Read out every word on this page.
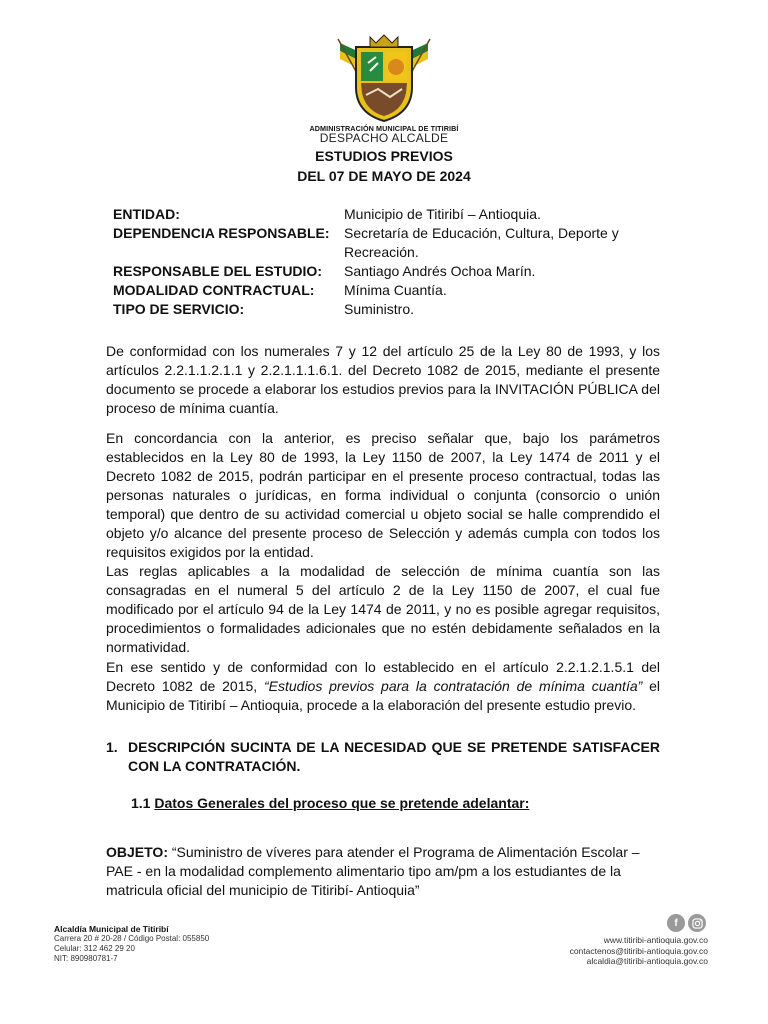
ADMINISTRACIÓN MUNICIPAL DE TITIRIBÍ
DESPACHO ALCALDE
ESTUDIOS PREVIOS
DEL 07 DE MAYO DE 2024
ENTIDAD:	Municipio de Titiribí – Antioquia.
DEPENDENCIA RESPONSABLE:	Secretaría de Educación, Cultura, Deporte y Recreación.
RESPONSABLE DEL ESTUDIO:	Santiago Andrés Ochoa Marín.
MODALIDAD CONTRACTUAL:	Mínima Cuantía.
TIPO DE SERVICIO:	Suministro.

De conformidad con los numerales 7 y 12 del artículo 25 de la Ley 80 de 1993, y los artículos 2.2.1.1.2.1.1 y 2.2.1.1.1.6.1. del Decreto 1082 de 2015, mediante el presente documento se procede a elaborar los estudios previos para la INVITACIÓN PÚBLICA del proceso de mínima cuantía.

En concordancia con la anterior, es preciso señalar que, bajo los parámetros establecidos en la Ley 80 de 1993, la Ley 1150 de 2007, la Ley 1474 de 2011 y el Decreto 1082 de 2015, podrán participar en el presente proceso contractual, todas las personas naturales o jurídicas, en forma individual o conjunta (consorcio o unión temporal) que dentro de su actividad comercial u objeto social se halle comprendido el objeto y/o alcance del presente proceso de Selección y además cumpla con todos los requisitos exigidos por la entidad.

Las reglas aplicables a la modalidad de selección de mínima cuantía son las consagradas en el numeral 5 del artículo 2 de la Ley 1150 de 2007, el cual fue modificado por el artículo 94 de la Ley 1474 de 2011, y no es posible agregar requisitos, procedimientos o formalidades adicionales que no estén debidamente señalados en la normatividad.

En ese sentido y de conformidad con lo establecido en el artículo 2.2.1.2.1.5.1 del Decreto 1082 de 2015, “Estudios previos para la contratación de mínima cuantía” el Municipio de Titiribí – Antioquia, procede a la elaboración del presente estudio previo.

1. DESCRIPCIÓN SUCINTA DE LA NECESIDAD QUE SE PRETENDE SATISFACER CON LA CONTRATACIÓN.
1.1 Datos Generales del proceso que se pretende adelantar:

OBJETO: “Suministro de víveres para atender el Programa de Alimentación Escolar – PAE - en la modalidad complemento alimentario tipo am/pm a los estudiantes de la matricula oficial del municipio de Titiribí- Antioquia”

Alcaldía Municipal de Titiribí
Carrera 20 # 20-28 / Código Postal: 055850
Celular: 312 462 29 20
NIT: 890980781-7
f
www.titiribi-antioquia.gov.co
contactenos@titiribi-antioquia.gov.co
alcaldia@titiribi-antioquia.gov.co
